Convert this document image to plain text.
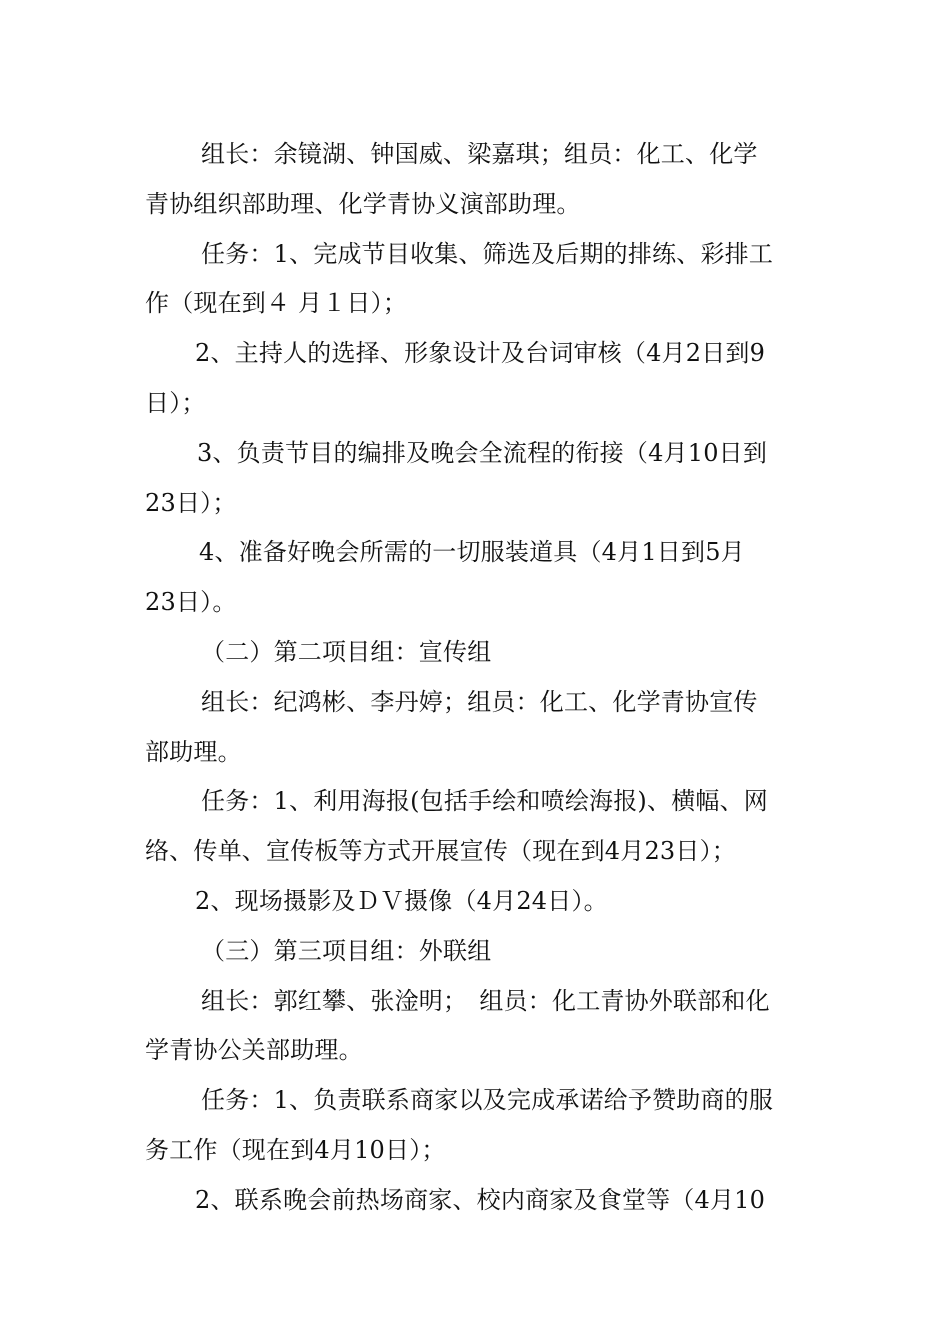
组长：余镜湖、钟国威、梁嘉琪；组员：化工、化学
青协组织部助理、化学青协义演部助理。
任务：1、完成节目收集、筛选及后期的排练、彩排工
作（现在到４ 月１日）；
2、主持人的选择、形象设计及台词审核（4月2日到9
日）；
3、负责节目的编排及晚会全流程的衔接（4月10日到
23日）；
4、准备好晚会所需的一切服装道具（4月1日到5月
23日）。
（二）第二项目组：宣传组
组长：纪鸿彬、李丹婷；组员：化工、化学青协宣传
部助理。
任务：1、利用海报(包括手绘和喷绘海报)、横幅、网
络、传单、宣传板等方式开展宣传（现在到4月23日）；
2、现场摄影及ＤＶ摄像（4月24日）。
（三）第三项目组：外联组
组长：郭红攀、张淦明；　组员：化工青协外联部和化
学青协公关部助理。
任务：1、负责联系商家以及完成承诺给予赞助商的服
务工作（现在到4月10日）；
2、联系晚会前热场商家、校内商家及食堂等（4月10
